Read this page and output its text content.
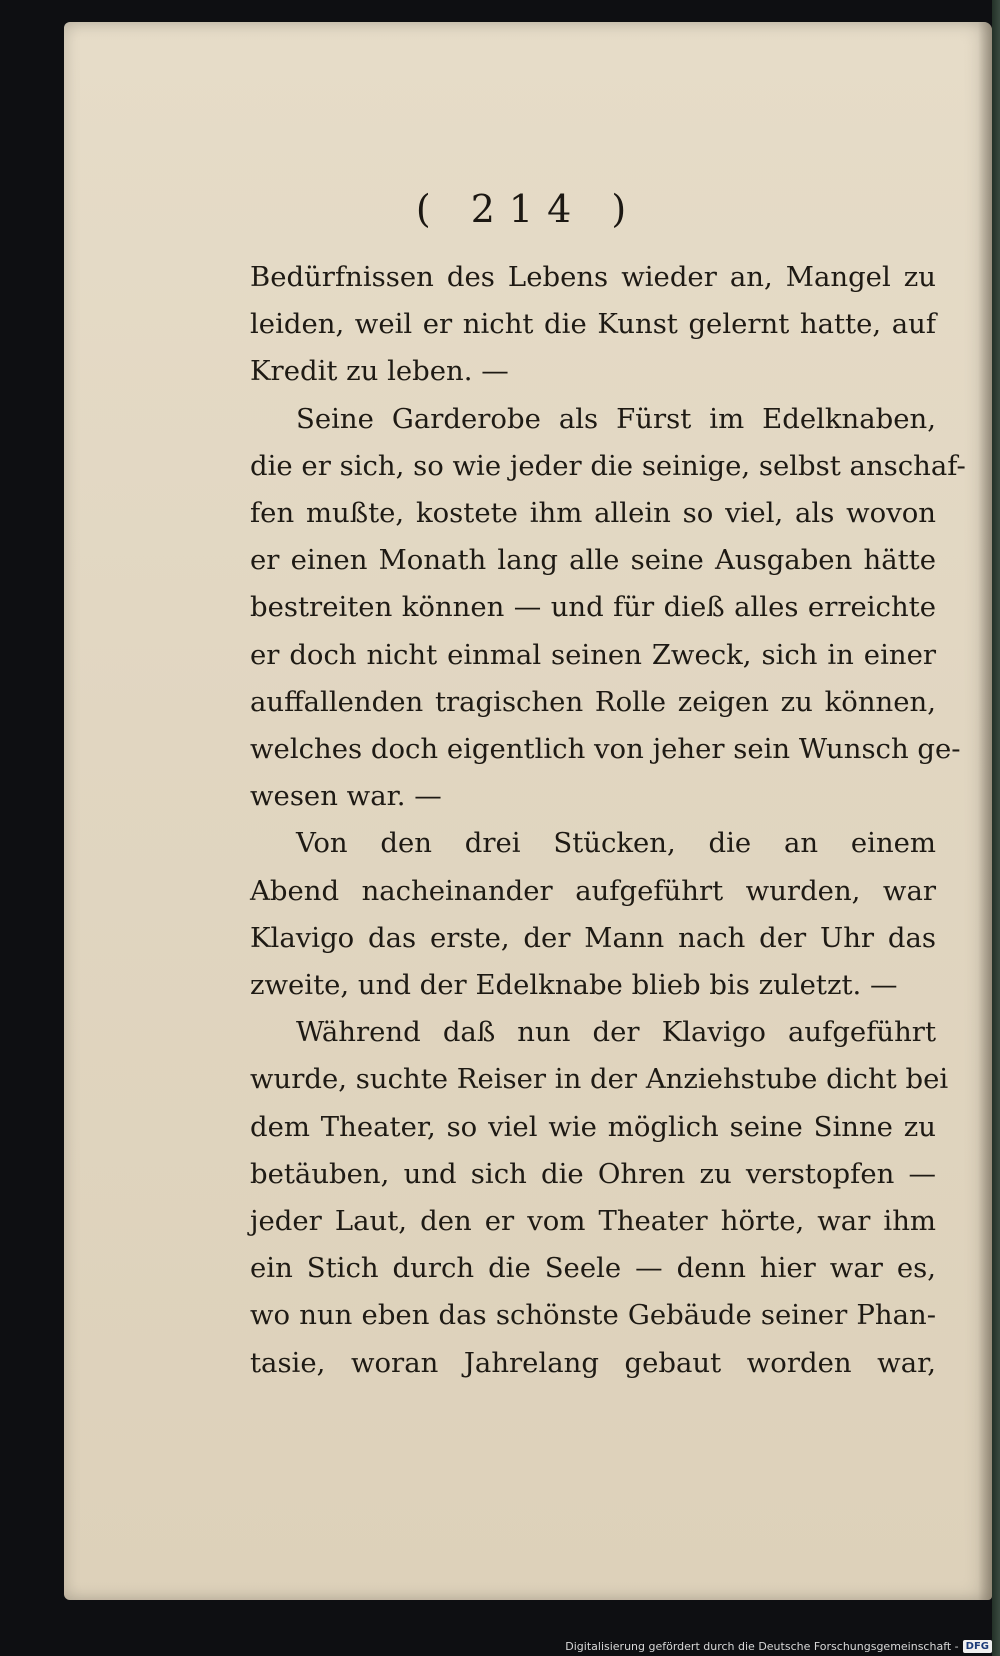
( 214 )
Bedürfnissen des Lebens wieder an, Mangel zu
leiden, weil er nicht die Kunst gelernt hatte, auf
Kredit zu leben. —
Seine Garderobe als Fürst im Edelknaben,
die er sich, so wie jeder die seinige, selbst anschaf-
fen mußte, kostete ihm allein so viel, als wovon
er einen Monath lang alle seine Ausgaben hätte
bestreiten können — und für dieß alles erreichte
er doch nicht einmal seinen Zweck, sich in einer
auffallenden tragischen Rolle zeigen zu können,
welches doch eigentlich von jeher sein Wunsch ge-
wesen war. —
Von den drei Stücken, die an einem
Abend nacheinander aufgeführt wurden, war
Klavigo das erste, der Mann nach der Uhr das
zweite, und der Edelknabe blieb bis zuletzt. —
Während daß nun der Klavigo aufgeführt
wurde, suchte Reiser in der Anziehstube dicht bei
dem Theater, so viel wie möglich seine Sinne zu
betäuben, und sich die Ohren zu verstopfen —
jeder Laut, den er vom Theater hörte, war ihm
ein Stich durch die Seele — denn hier war es,
wo nun eben das schönste Gebäude seiner Phan-
tasie, woran Jahrelang gebaut worden war,
Digitalisierung gefördert durch die Deutsche Forschungsgemeinschaft - DFG
